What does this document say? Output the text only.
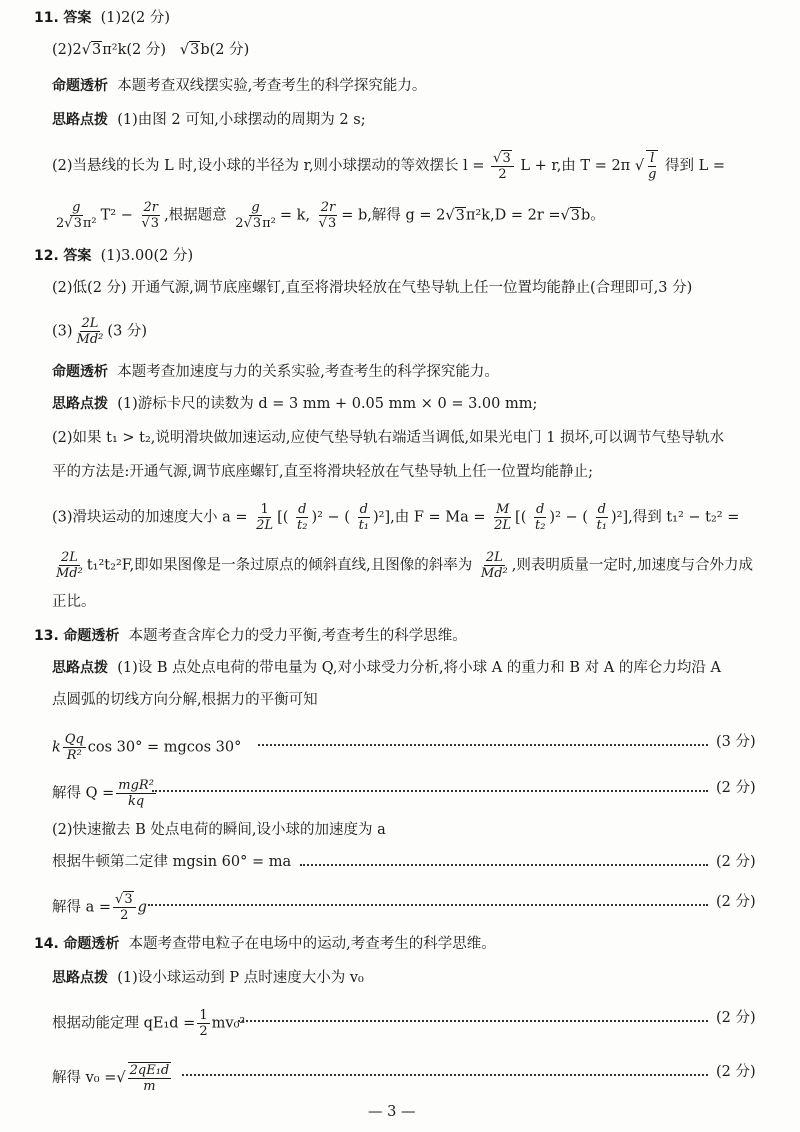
11. 答案 (1)2(2 分)
(2)2√3π²k(2 分) √3b(2 分)
命题透析 本题考查双线摆实验,考查考生的科学探究能力。
思路点拨 (1)由图 2 可知,小球摆动的周期为 2 s;
(2)当悬线的长为 L 时,设小球的半径为 r,则小球摆动的等效摆长 $l = \frac{√3}{2}$ L + r,由 T = 2π √ $\frac{l}{g}$ 得到 L =
$\frac{g}{\text{2√3π²}} T^2 - \frac{2r}{√3}$ ,根据题意 $\frac{g}{\text{2√3π²}} = k$, $\frac{2r}{√3} = b$,解得 g = 2√3π²k,D = 2r =√3b。
12. 答案 (1)3.00(2 分)
(2)低(2 分) 开通气源,调节底座螺钉,直至将滑块轻放在气垫导轨上任一位置均能静止(合理即可,3 分)
$(3) \frac{2L}{\text{Md²}} (3$ 分)
命题透析 本题考查加速度与力的关系实验,考查考生的科学探究能力。
思路点拨 (1)游标卡尺的读数为 d = 3 mm + 0.05 mm × 0 = 3.00 mm;
(2)如果 t₁ > t₂,说明滑块做加速运动,应使气垫导轨右端适当调低,如果光电门 1 损坏,可以调节气垫导轨水
平的方法是:开通气源,调节底座螺钉,直至将滑块轻放在气垫导轨上任一位置均能静止;
(3)滑块运动的加速度大小 $a = \frac{1}{2L}$ [( $\frac{d}{\text{t₂}} )^2$ − ( $\frac{d}{\text{t₁}} )^2$],由 $F = Ma = \frac{M}{2L}$ [( $\frac{d}{\text{t₂}} )^2$ − ( $\frac{d}{\text{t₁}} )^2$],得到 t₁² − t₂² =
$\frac{2L}{\text{Md²}} t_1^2t_2^2F$,即如果图像是一条过原点的倾斜直线,且图像的斜率为 $\frac{2L}{\text{Md²}}$ ,则表明质量一定时,加速度与合外力成
正比。
13. 命题透析 本题考查含库仑力的受力平衡,考查考生的科学思维。
思路点拨 (1)设 B 点处点电荷的带电量为 Q,对小球受力分析,将小球 A 的重力和 B 对 A 的库仑力均沿 A
点圆弧的切线方向分解,根据力的平衡可知
k $\frac{Qq}{\text{R²}}$ cos 30° = mgcos 30°	(3 分)
解得 $Q = \frac{\text{mgR²}}{kq}$	(2 分)
(2)快速撤去 B 处点电荷的瞬间,设小球的加速度为 a
根据牛顿第二定律 mgsin 60° = ma	(2 分)
解得 $a = \frac{√3}{2}$ g	(2 分)
14. 命题透析 本题考查带电粒子在电场中的运动,考查考生的科学思维。
思路点拨 (1)设小球运动到 P 点时速度大小为 v₀
根据动能定理 $qE_1d = \frac{1}{2} mv_0^2$	(2 分)
解得 v₀ =√ $\frac{\text{2qE₁d}}{m}$	(2 分)
— 3 —
